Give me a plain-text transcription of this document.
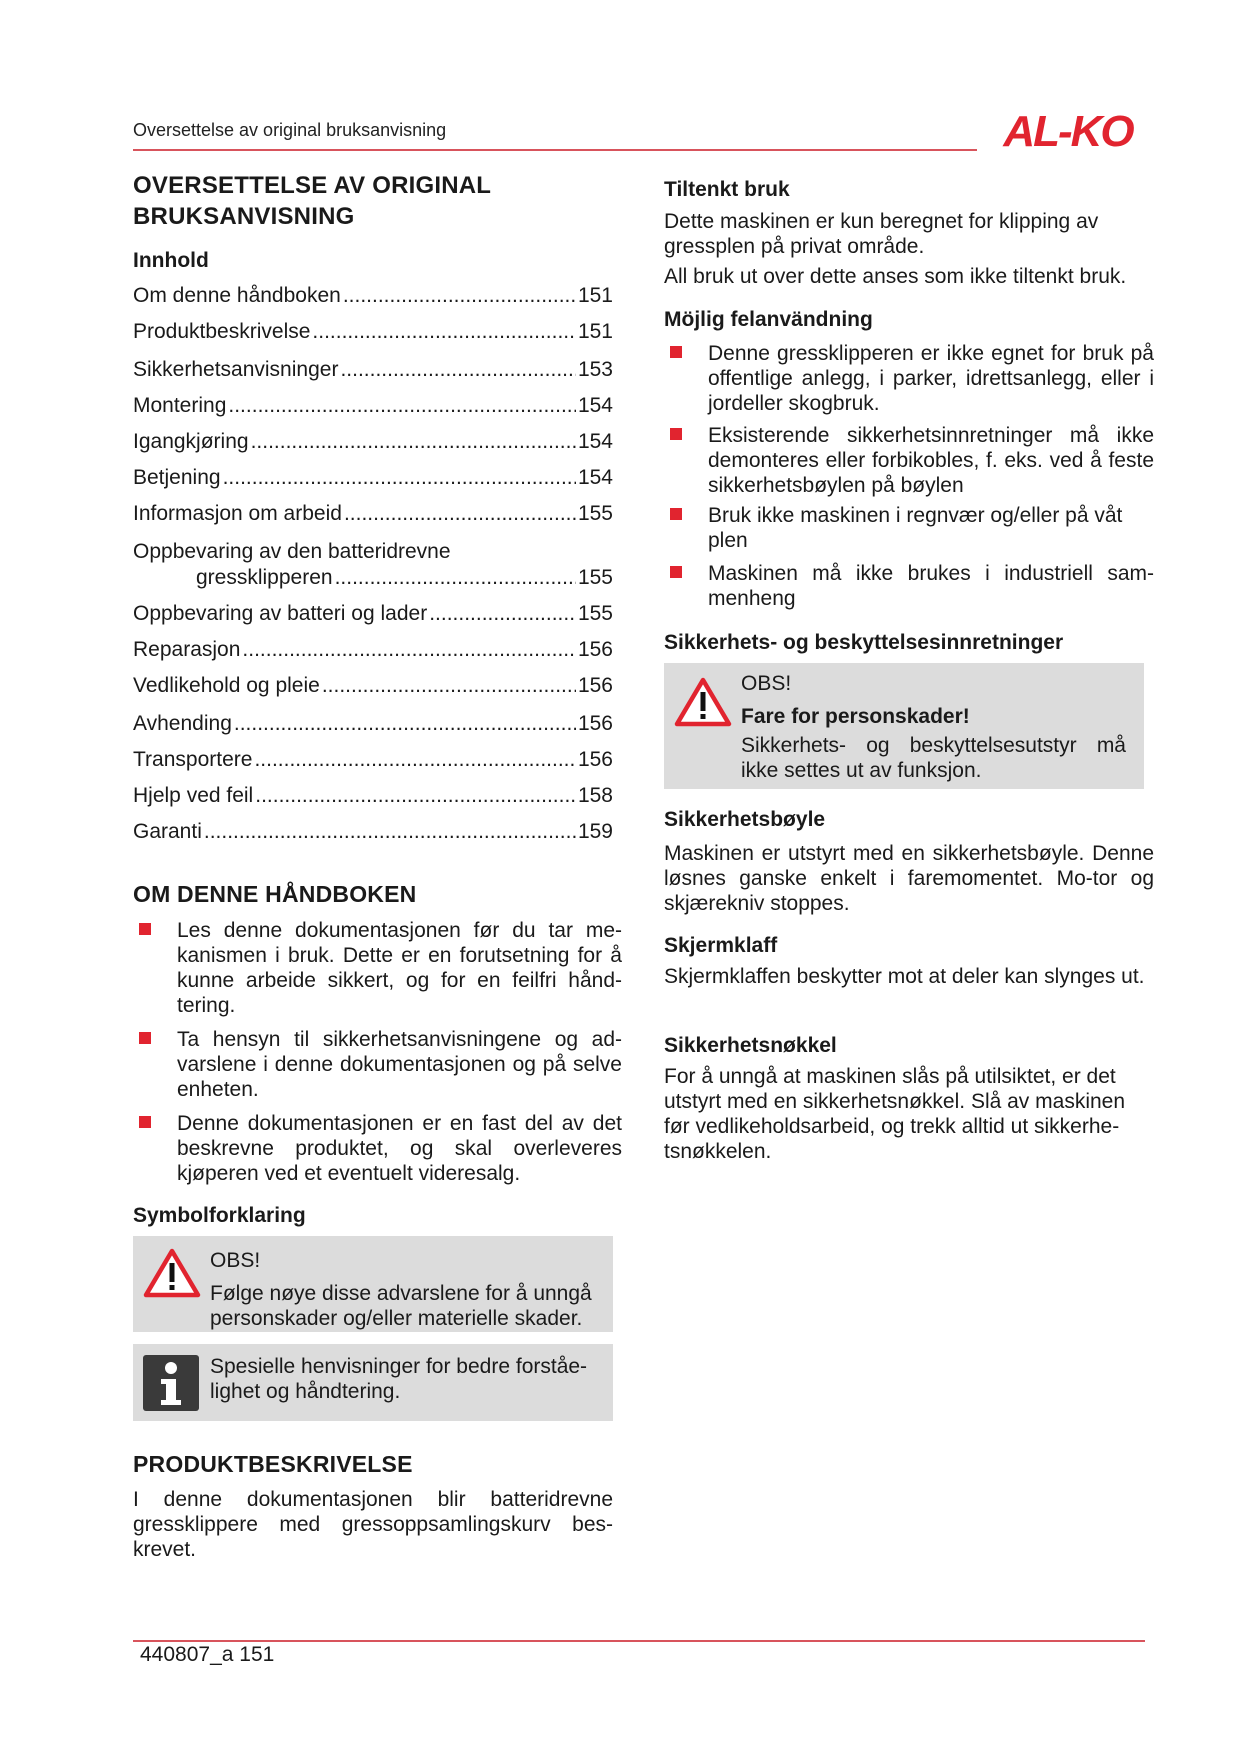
Oversettelse av original bruksanvisning	AL-KO
OVERSETTELSE AV ORIGINAL
BRUKSANVISNING
Innhold
Om denne håndboken .....	151
Produktbeskrivelse .....	151
Sikkerhetsanvisninger .....	153
Montering .....	154
Igangkjøring .....	154
Betjening .....	154
Informasjon om arbeid .....	155
Oppbevaring av den batteridrevne
gressklipperen .....	155
Oppbevaring av batteri og lader .....	155
Reparasjon .....	156
Vedlikehold og pleie .....	156
Avhending .....	156
Transportere .....	156
Hjelp ved feil .....	158
Garanti .....	159
OM DENNE HÅNDBOKEN
Les denne dokumentasjonen før du tar me-kanismen i bruk. Dette er en forutsetning for å kunne arbeide sikkert, og for en feilfri hånd-tering.
Ta hensyn til sikkerhetsanvisningene og ad-varslene i denne dokumentasjonen og på selve enheten.
Denne dokumentasjonen er en fast del av det beskrevne produktet, og skal overleveres kjøperen ved et eventuelt videresalg.
Symbolforklaring
OBS!
Følge nøye disse advarslene for å unngå personskader og/eller materielle skader.
Spesielle henvisninger for bedre forståe-lighet og håndtering.
PRODUKTBESKRIVELSE
I denne dokumentasjonen blir batteridrevne gressklippere med gressoppsamlingskurv bes-krevet.
Tiltenkt bruk
Dette maskinen er kun beregnet for klipping av gressplen på privat område.
All bruk ut over dette anses som ikke tiltenkt bruk.
Möjlig felanvändning
Denne gressklipperen er ikke egnet for bruk på offentlige anlegg, i parker, idrettsanlegg, eller i jordeller skogbruk.
Eksisterende sikkerhetsinnretninger må ikke demonteres eller forbikobles, f. eks. ved å feste sikkerhetsbøylen på bøylen
Bruk ikke maskinen i regnvær og/eller på våt plen
Maskinen må ikke brukes i industriell sam-menheng
Sikkerhets- og beskyttelsesinnretninger
OBS!
Fare for personskader!
Sikkerhets- og beskyttelsesutstyr må ikke settes ut av funksjon.
Sikkerhetsbøyle
Maskinen er utstyrt med en sikkerhetsbøyle. Denne løsnes ganske enkelt i faremomentet. Mo-tor og skjærekniv stoppes.
Skjermklaff
Skjermklaffen beskytter mot at deler kan slynges ut.
Sikkerhetsnøkkel
For å unngå at maskinen slås på utilsiktet, er det utstyrt med en sikkerhetsnøkkel. Slå av maskinen før vedlikeholdsarbeid, og trekk alltid ut sikkerhe-tsnøkkelen.
440807_a 151
